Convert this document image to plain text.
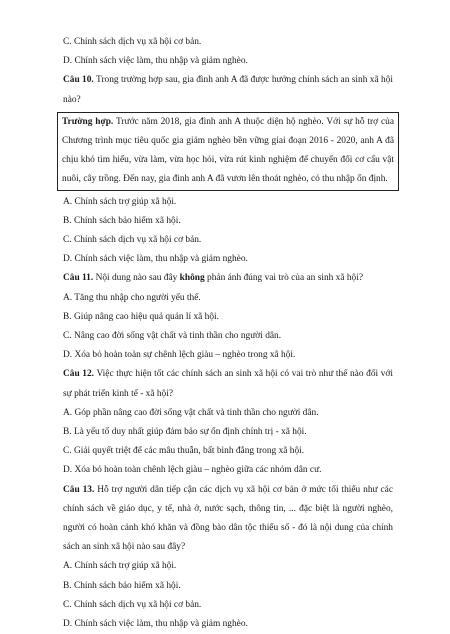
C. Chính sách dịch vụ xã hội cơ bản.
D. Chính sách việc làm, thu nhập và giảm nghèo.
Câu 10. Trong trường hợp sau, gia đình anh A đã được hưởng chính sách an sinh xã hội nào?
Trường hợp. Trước năm 2018, gia đình anh A thuộc diện hộ nghèo. Với sự hỗ trợ của Chương trình mục tiêu quốc gia giảm nghèo bền vững giai đoạn 2016 - 2020, anh A đã chịu khó tìm hiểu, vừa làm, vừa học hỏi, vừa rút kinh nghiệm để chuyển đổi cơ cấu vật nuôi, cây trồng. Đến nay, gia đình anh A đã vươn lên thoát nghèo, có thu nhập ổn định.
A. Chính sách trợ giúp xã hội.
B. Chính sách bảo hiểm xã hội.
C. Chính sách dịch vụ xã hội cơ bản.
D. Chính sách việc làm, thu nhập và giảm nghèo.
Câu 11. Nội dung nào sau đây không phản ánh đúng vai trò của an sinh xã hội?
A. Tăng thu nhập cho người yếu thế.
B. Giúp nâng cao hiệu quả quản lí xã hội.
C. Nâng cao đời sống vật chất và tinh thần cho người dân.
D. Xóa bỏ hoàn toàn sự chênh lệch giàu – nghèo trong xã hội.
Câu 12. Việc thực hiện tốt các chính sách an sinh xã hội có vai trò như thế nào đối với sự phát triển kinh tế - xã hội?
A. Góp phần nâng cao đời sống vật chất và tinh thần cho người dân.
B. Là yếu tố duy nhất giúp đảm bảo sự ổn định chính trị - xã hội.
C. Giải quyết triệt để các mâu thuẫn, bất bình đẳng trong xã hội.
D. Xóa bỏ hoàn toàn chênh lệch giàu – nghèo giữa các nhóm dân cư.
Câu 13. Hỗ trợ người dân tiếp cận các dịch vụ xã hội cơ bản ở mức tối thiểu như các chính sách về giáo dục, y tế, nhà ở, nước sạch, thông tin, ... đặc biệt là người nghèo, người có hoàn cảnh khó khăn và đồng bào dân tộc thiểu số - đó là nội dung của chính sách an sinh xã hội nào sau đây?
A. Chính sách trợ giúp xã hội.
B. Chính sách bảo hiểm xã hội.
C. Chính sách dịch vụ xã hội cơ bản.
D. Chính sách việc làm, thu nhập và giảm nghèo.
